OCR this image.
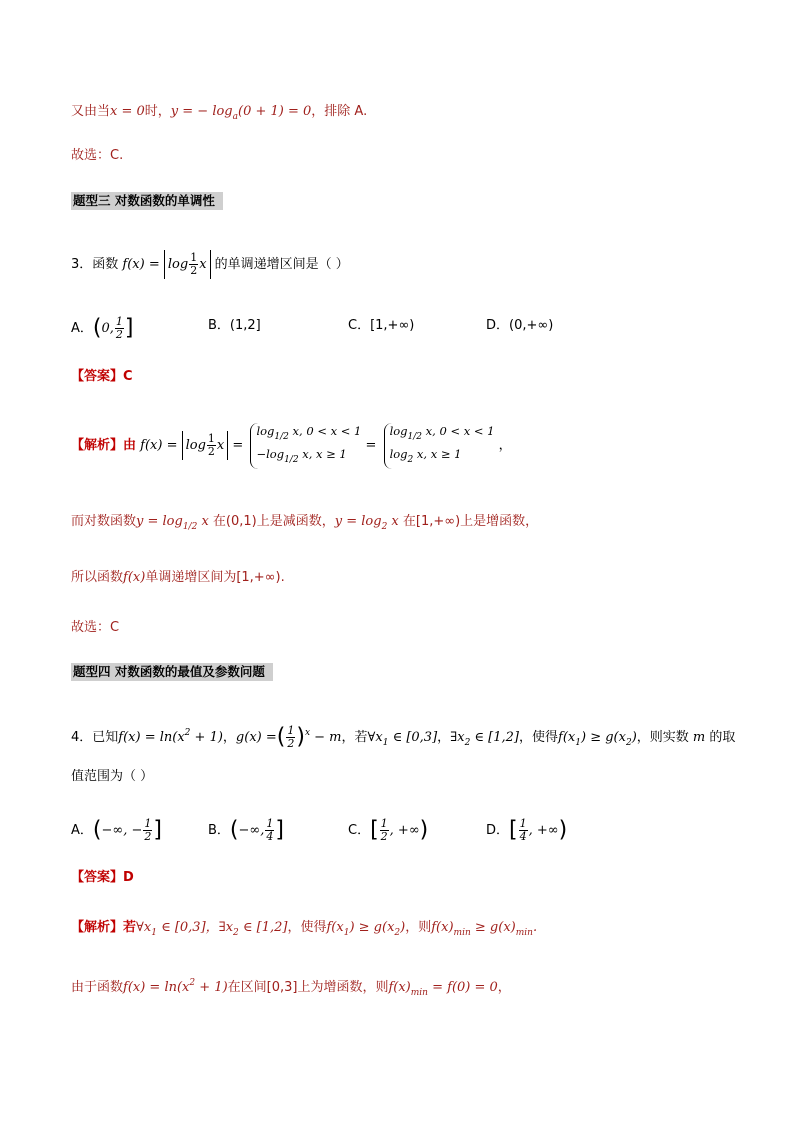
又由当x = 0时，y = − $\log_a(0 + 1) = 0$，排除 A.
故选：C.
题型三 对数函数的单调性
3．函数 $f(x) = \log \frac{1}{2}$ x 的单调递增区间是（ ）
A．(0, $\frac{1}{2}$ ]	B．(1,2]	C．[1,+∞)	D．(0,+∞)
【答案】C
【解析】由 $f(x) = \log \frac{1}{2}$ $x = \log_{1/2} x$, 0 < x < 1
$-\log_{1/2}$ x, $x \ge 1 = \log_{1/2} x$, 0 < x < 1
$\log_2 x$, x ≥ 1 ，
而对数函数$y = \log_{1/2} x$ 在(0,1)上是减函数，$y = \log_2 x$ 在[1,+∞)上是增函数，
所以函数f(x)单调递增区间为[1,+∞).
故选：C
题型四 对数函数的最值及参数问题
4．已知$f(x) = \ln(x^2 + 1)$，g(x) =( $\frac{1}{2} )^x - m$，若$\forall x_1$ ∈ [0,3]，$\exists x_2$ ∈ [1,2]，使得$f(x_1) \ge g(x_2)$，则实数 m 的取
值范围为（ ）
A．(−∞, − $\frac{1}{2}$ ]	B．(−∞, $\frac{1}{4}$ ]	C．[ $\frac{1}{2}$ , +∞)	D．[ $\frac{1}{4}$ , +∞)
【答案】D
【解析】若$\forall x_1$ ∈ [0,3]，$\exists x_2$ ∈ [1,2]，使得$f(x_1) \ge g(x_2)$，则$f(x)_{min} \ge g(x)_{min}$.
由于函数$f(x) = \ln(x^2 + 1)$在区间[0,3]上为增函数，则$f(x)_{min} = f(0) = 0$，
